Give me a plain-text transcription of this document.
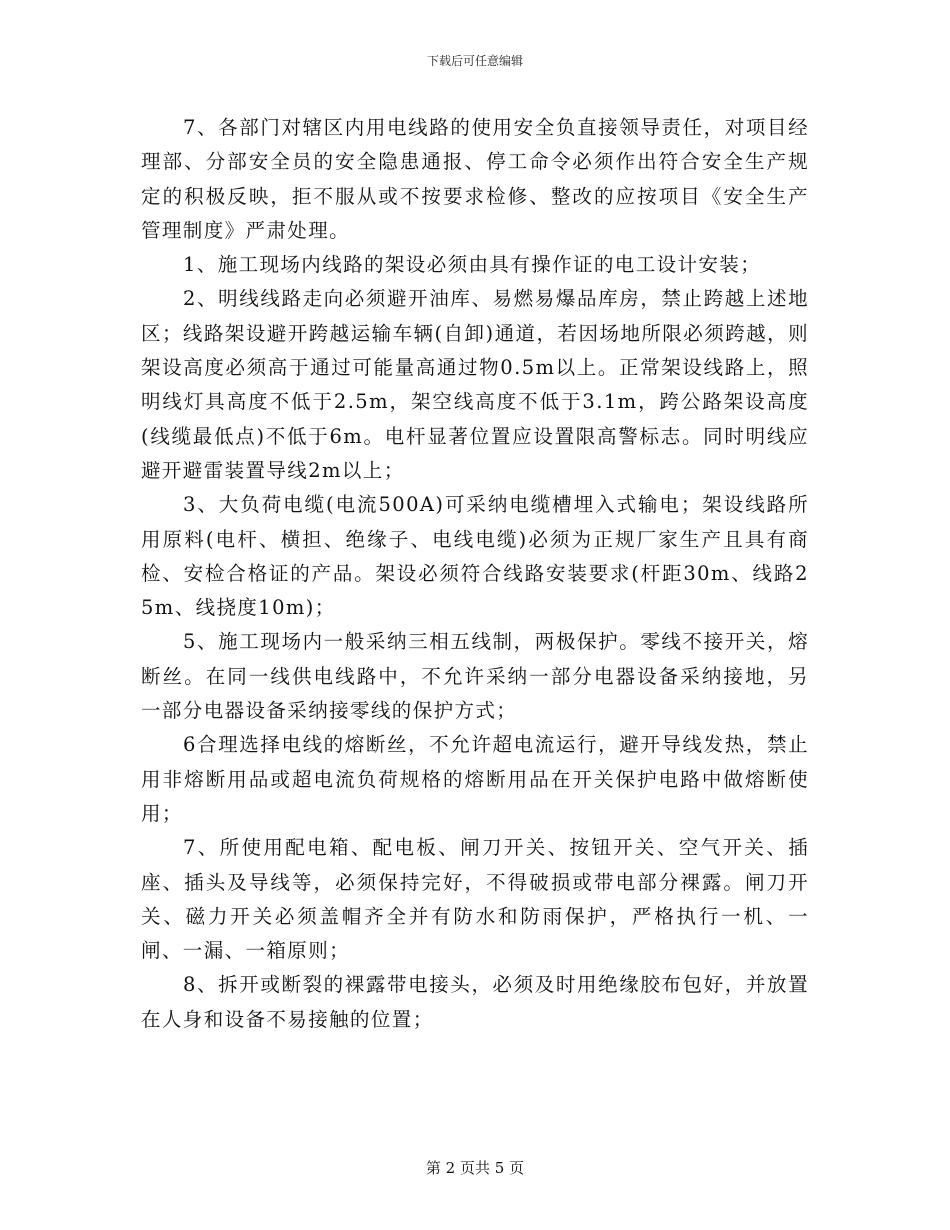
下载后可任意编辑

7、各部门对辖区内用电线路的使用安全负直接领导责任，对项目经理部、分部安全员的安全隐患通报、停工命令必须作出符合安全生产规定的积极反映，拒不服从或不按要求检修、整改的应按项目《安全生产管理制度》严肃处理。

1、施工现场内线路的架设必须由具有操作证的电工设计安装；

2、明线线路走向必须避开油库、易燃易爆品库房，禁止跨越上述地区；线路架设避开跨越运输车辆(自卸)通道，若因场地所限必须跨越，则架设高度必须高于通过可能量高通过物0.5m以上。正常架设线路上，照明线灯具高度不低于2.5m，架空线高度不低于3.1m，跨公路架设高度(线缆最低点)不低于6m。电杆显著位置应设置限高警标志。同时明线应避开避雷装置导线2m以上；

3、大负荷电缆(电流500A)可采纳电缆槽埋入式输电；架设线路所用原料(电杆、横担、绝缘子、电线电缆)必须为正规厂家生产且具有商检、安检合格证的产品。架设必须符合线路安装要求(杆距30m、线路25m、线挠度10m)；

5、施工现场内一般采纳三相五线制，两极保护。零线不接开关，熔断丝。在同一线供电线路中，不允许采纳一部分电器设备采纳接地，另一部分电器设备采纳接零线的保护方式；

6合理选择电线的熔断丝，不允许超电流运行，避开导线发热，禁止用非熔断用品或超电流负荷规格的熔断用品在开关保护电路中做熔断使用；

7、所使用配电箱、配电板、闸刀开关、按钮开关、空气开关、插座、插头及导线等，必须保持完好，不得破损或带电部分裸露。闸刀开关、磁力开关必须盖帽齐全并有防水和防雨保护，严格执行一机、一闸、一漏、一箱原则；

8、拆开或断裂的裸露带电接头，必须及时用绝缘胶布包好，并放置在人身和设备不易接触的位置；

第 2 页共 5 页
